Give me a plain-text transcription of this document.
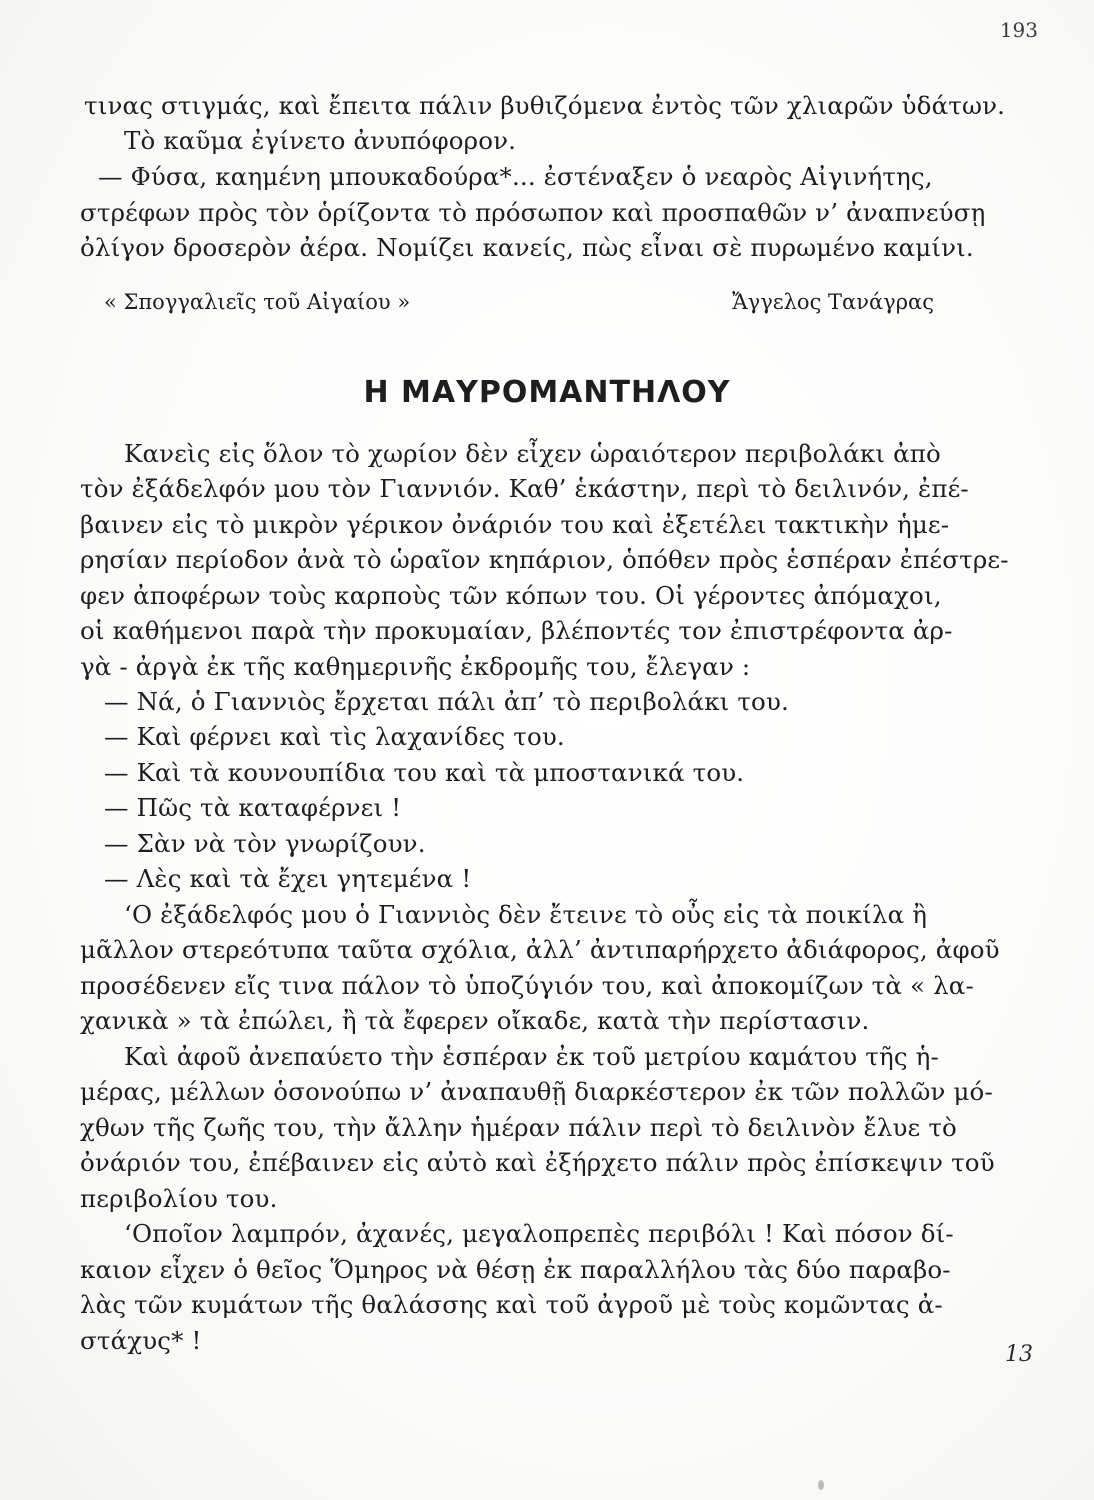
193
τινας στιγμάς, καὶ ἔπειτα πάλιν βυθιζόμενα ἐντὸς τῶν χλιαρῶν ὑδάτων.
Τὸ καῦμα ἐγίνετο ἀνυπόφορον.
— Φύσα, καημένη μπουκαδούρα*... ἐστέναξεν ὁ νεαρὸς Αἰγινήτης,
στρέφων πρὸς τὸν ὁρίζοντα τὸ πρόσωπον καὶ προσπαθῶν ν’ ἀναπνεύσῃ
ὀλίγον δροσερὸν ἀέρα. Νομίζει κανείς, πὼς εἶναι σὲ πυρωμένο καμίνι.
« Σπογγαλιεῖς τοῦ Αἰγαίου »	Ἄγγελος Τανάγρας
Η ΜΑΥΡΟΜΑΝΤΗΛΟΥ
Κανεὶς εἰς ὅλον τὸ χωρίον δὲν εἶχεν ὡραιότερον περιβολάκι ἀπὸ
τὸν ἐξάδελφόν μου τὸν Γιαννιόν. Καθ’ ἑκάστην, περὶ τὸ δειλινόν, ἐπέ-
βαινεν εἰς τὸ μικρὸν γέρικον ὀνάριόν του καὶ ἐξετέλει τακτικὴν ἡμε-
ρησίαν περίοδον ἀνὰ τὸ ὡραῖον κηπάριον, ὁπόθεν πρὸς ἑσπέραν ἐπέστρε-
φεν ἀποφέρων τοὺς καρποὺς τῶν κόπων του. Οἱ γέροντες ἀπόμαχοι,
οἱ καθήμενοι παρὰ τὴν προκυμαίαν, βλέποντές τον ἐπιστρέφοντα ἀρ-
γὰ - ἀργὰ ἐκ τῆς καθημερινῆς ἐκδρομῆς του, ἔλεγαν :
— Νά, ὁ Γιαννιὸς ἔρχεται πάλι ἀπ’ τὸ περιβολάκι του.
— Καὶ φέρνει καὶ τὶς λαχανίδες του.
— Καὶ τὰ κουνουπίδια του καὶ τὰ μποστανικά του.
— Πῶς τὰ καταφέρνει !
— Σὰν νὰ τὸν γνωρίζουν.
— Λὲς καὶ τὰ ἔχει γητεμένα !
‘Ο ἐξάδελφός μου ὁ Γιαννιὸς δὲν ἔτεινε τὸ οὖς εἰς τὰ ποικίλα ἢ
μᾶλλον στερεότυπα ταῦτα σχόλια, ἀλλ’ ἀντιπαρήρχετο ἀδιάφορος, ἀφοῦ
προσέδενεν εἴς τινα πάλον τὸ ὑποζύγιόν του, καὶ ἀποκομίζων τὰ « λα-
χανικὰ » τὰ ἐπώλει, ἢ τὰ ἔφερεν οἴκαδε, κατὰ τὴν περίστασιν.
Καὶ ἀφοῦ ἀνεπαύετο τὴν ἑσπέραν ἐκ τοῦ μετρίου καμάτου τῆς ἡ-
μέρας, μέλλων ὁσονούπω ν’ ἀναπαυθῇ διαρκέστερον ἐκ τῶν πολλῶν μό-
χθων τῆς ζωῆς του, τὴν ἄλλην ἡμέραν πάλιν περὶ τὸ δειλινὸν ἔλυε τὸ
ὀνάριόν του, ἐπέβαινεν εἰς αὐτὸ καὶ ἐξήρχετο πάλιν πρὸς ἐπίσκεψιν τοῦ
περιβολίου του.
‘Οποῖον λαμπρόν, ἀχανές, μεγαλοπρεπὲς περιβόλι ! Καὶ πόσον δί-
καιον εἶχεν ὁ θεῖος Ὅμηρος νὰ θέσῃ ἐκ παραλλήλου τὰς δύο παραβο-
λὰς τῶν κυμάτων τῆς θαλάσσης καὶ τοῦ ἀγροῦ μὲ τοὺς κομῶντας ἀ-
στάχυς* !	13
